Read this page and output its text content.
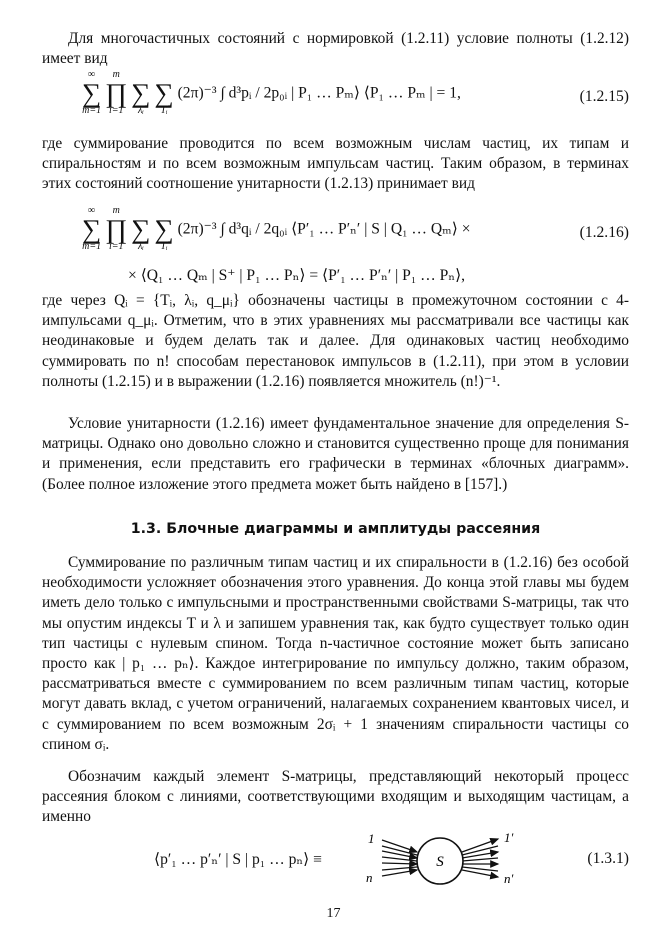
Для многочастичных состояний с нормировкой (1.2.11) условие полноты (1.2.12) имеет вид

∞
∑
m=1

m
∏
i=1

∑
λᵢ

∑
Tᵢ
(2π)⁻³ ∫ d³pᵢ / 2p₀ᵢ | P₁ … Pₘ⟩ ⟨P₁ … Pₘ | = 1,	(1.2.15)

где суммирование проводится по всем возможным числам частиц, их типам и спиральностям и по всем возможным импульсам частиц. Таким образом, в терминах этих состояний соотношение унитарности (1.2.13) принимает вид

∞
∑
m=1

m
∏
i=1

∑
λᵢ

∑
Tᵢ
(2π)⁻³ ∫ d³qᵢ / 2q₀ᵢ ⟨P′₁ … P′ₙ′ | S | Q₁ … Qₘ⟩ ×	(1.2.16)
× ⟨Q₁ … Qₘ | S⁺ | P₁ … Pₙ⟩ = ⟨P′₁ … P′ₙ′ | P₁ … Pₙ⟩,

где через Qᵢ = {Tᵢ, λᵢ, q_μᵢ} обозначены частицы в промежуточном состоянии с 4-импульсами q_μᵢ. Отметим, что в этих уравнениях мы рассматривали все частицы как неодинаковые и будем делать так и далее. Для одинаковых частиц необходимо суммировать по n! способам перестановок импульсов в (1.2.11), при этом в условии полноты (1.2.15) и в выражении (1.2.16) появляется множитель (n!)⁻¹.

Условие унитарности (1.2.16) имеет фундаментальное значение для определения S-матрицы. Однако оно довольно сложно и становится существенно проще для понимания и применения, если представить его графически в терминах «блочных диаграмм». (Более полное изложение этого предмета может быть найдено в [157].)

1.3. Блочные диаграммы и амплитуды рассеяния

Суммирование по различным типам частиц и их спиральности в (1.2.16) без особой необходимости усложняет обозначения этого уравнения. До конца этой главы мы будем иметь дело только с импульсными и пространственными свойствами S-матрицы, так что мы опустим индексы T и λ и запишем уравнения так, как будто существует только один тип частицы с нулевым спином. Тогда n-частичное состояние может быть записано просто как | p₁ … pₙ⟩. Каждое интегрирование по импульсу должно, таким образом, рассматриваться вместе с суммированием по всем различным типам частиц, которые могут давать вклад, с учетом ограничений, налагаемых сохранением квантовых чисел, и с суммированием по всем возможным 2σᵢ + 1 значениям спиральности частицы со спином σᵢ.

Обозначим каждый элемент S-матрицы, представляющий некоторый процесс рассеяния блоком с линиями, соответствующими входящим и выходящим частицам, а именно

⟨p′₁ … p′ₙ′ | S | p₁ … pₙ⟩ ≡	S
1
n
1′
n′
(1.3.1)
17
